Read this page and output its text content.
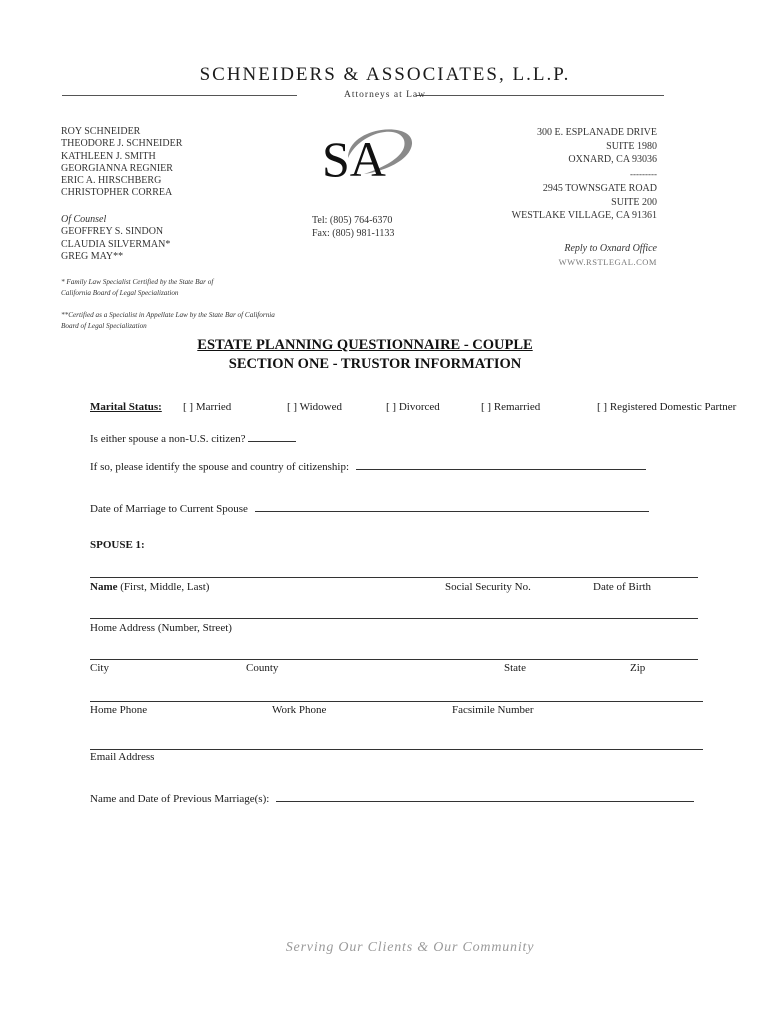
SCHNEIDERS & ASSOCIATES, L.L.P.
Attorneys at Law
ROY SCHNEIDER
THEODORE J. SCHNEIDER
KATHLEEN J. SMITH
GEORGIANNA REGNIER
ERIC A. HIRSCHBERG
CHRISTOPHER CORREA
Of Counsel
GEOFFREY S. SINDON
CLAUDIA SILVERMAN*
GREG MAY**
SA
Tel: (805) 764-6370
Fax: (805) 981-1133
300 E. ESPLANADE DRIVE
SUITE 1980
OXNARD, CA 93036
---------
2945 TOWNSGATE ROAD
SUITE 200
WESTLAKE VILLAGE, CA 91361
Reply to Oxnard Office
WWW.RSTLEGAL.COM
* Family Law Specialist Certified by the State Bar of
California Board of Legal Specialization
**Certified as a Specialist in Appellate Law by the State Bar of California
Board of Legal Specialization
ESTATE PLANNING QUESTIONNAIRE - COUPLE
SECTION ONE - TRUSTOR INFORMATION
Marital Status: [ ] Married	[ ] Widowed	[ ] Divorced	[ ] Remarried	[ ] Registered Domestic Partner
Is either spouse a non-U.S. citizen?
If so, please identify the spouse and country of citizenship:
Date of Marriage to Current Spouse
SPOUSE 1:
Name (First, Middle, Last)	Social Security No.	Date of Birth
Home Address (Number, Street)
City	County	State	Zip
Home Phone	Work Phone	Facsimile Number
Email Address
Name and Date of Previous Marriage(s):
Serving Our Clients & Our Community
